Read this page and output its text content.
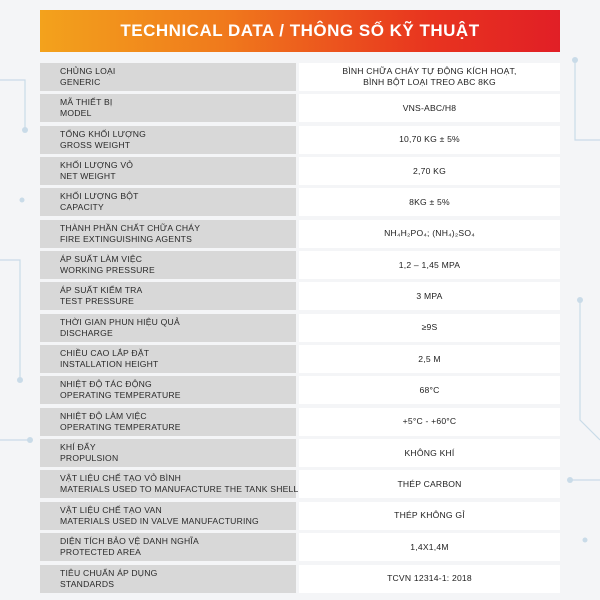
TECHNICAL DATA / THÔNG SỐ KỸ THUẬT
CHỦNG LOẠI
GENERIC
BÌNH CHỮA CHÁY TỰ ĐỘNG KÍCH HOẠT,
BÌNH BỘT LOẠI TREO ABC 8KG
MÃ THIẾT BỊ
MODEL
VNS-ABC/H8
TỔNG KHỐI LƯỢNG
GROSS WEIGHT
10,70 KG ± 5%
KHỐI LƯỢNG VỎ
NET WEIGHT
2,70 KG
KHỐI LƯỢNG BỘT
CAPACITY
8KG ± 5%
THÀNH PHẦN CHẤT CHỮA CHÁY
FIRE EXTINGUISHING AGENTS
NH₄H₂PO₄; (NH₄)₂SO₄
ÁP SUẤT LÀM VIỆC
WORKING PRESSURE
1,2 – 1,45 MPA
ÁP SUẤT KIỂM TRA
TEST PRESSURE
3 MPA
THỜI GIAN PHUN HIỆU QUẢ
DISCHARGE
≥9S
CHIỀU CAO LẮP ĐẶT
INSTALLATION HEIGHT
2,5 M
NHIỆT ĐỘ TÁC ĐỘNG
OPERATING TEMPERATURE
68°C
NHIỆT ĐỘ LÀM VIỆC
OPERATING TEMPERATURE
+5°C - +60°C
KHÍ ĐẨY
PROPULSION
KHÔNG KHÍ
VẬT LIỆU CHẾ TẠO VỎ BÌNH
MATERIALS USED TO MANUFACTURE THE TANK SHELL
THÉP CARBON
VẬT LIỆU CHẾ TẠO VAN
MATERIALS USED IN VALVE MANUFACTURING
THÉP KHÔNG GỈ
DIỆN TÍCH BẢO VỆ DANH NGHĨA
PROTECTED AREA
1,4X1,4M
TIÊU CHUẨN ÁP DỤNG
STANDARDS
TCVN 12314-1: 2018
